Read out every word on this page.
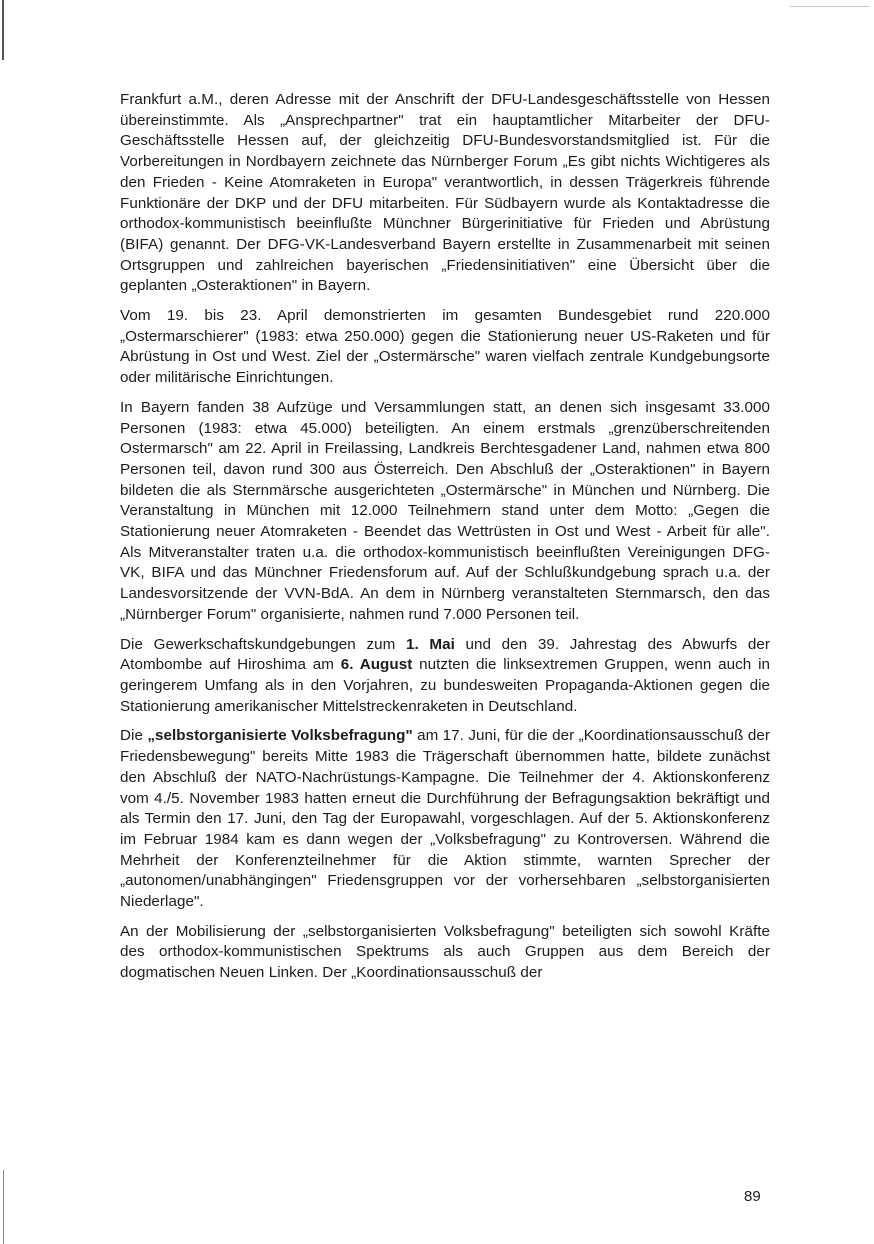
Frankfurt a.M., deren Adresse mit der Anschrift der DFU-Landesgeschäftsstelle von Hessen übereinstimmte. Als „Ansprechpartner" trat ein hauptamtlicher Mitarbeiter der DFU-Geschäftsstelle Hessen auf, der gleichzeitig DFU-Bundesvorstandsmitglied ist. Für die Vorbereitungen in Nordbayern zeichnete das Nürnberger Forum „Es gibt nichts Wichtigeres als den Frieden - Keine Atomraketen in Europa" verantwortlich, in dessen Trägerkreis führende Funktionäre der DKP und der DFU mitarbeiten. Für Südbayern wurde als Kontaktadresse die orthodox-kommunistisch beeinflußte Münchner Bürgerinitiative für Frieden und Abrüstung (BIFA) genannt. Der DFG-VK-Landesverband Bayern erstellte in Zusammenarbeit mit seinen Ortsgruppen und zahlreichen bayerischen „Friedensinitiativen" eine Übersicht über die geplanten „Osteraktionen" in Bayern.

Vom 19. bis 23. April demonstrierten im gesamten Bundesgebiet rund 220.000 „Ostermarschierer" (1983: etwa 250.000) gegen die Stationierung neuer US-Raketen und für Abrüstung in Ost und West. Ziel der „Ostermärsche" waren vielfach zentrale Kundgebungsorte oder militärische Einrichtungen.

In Bayern fanden 38 Aufzüge und Versammlungen statt, an denen sich insgesamt 33.000 Personen (1983: etwa 45.000) beteiligten. An einem erstmals „grenzüberschreitenden Ostermarsch" am 22. April in Freilassing, Landkreis Berchtesgadener Land, nahmen etwa 800 Personen teil, davon rund 300 aus Österreich. Den Abschluß der „Osteraktionen" in Bayern bildeten die als Sternmärsche ausgerichteten „Ostermärsche" in München und Nürnberg. Die Veranstaltung in München mit 12.000 Teilnehmern stand unter dem Motto: „Gegen die Stationierung neuer Atomraketen - Beendet das Wettrüsten in Ost und West - Arbeit für alle". Als Mitveranstalter traten u.a. die orthodox-kommunistisch beeinflußten Vereinigungen DFG-VK, BIFA und das Münchner Friedensforum auf. Auf der Schlußkundgebung sprach u.a. der Landesvorsitzende der VVN-BdA. An dem in Nürnberg veranstalteten Sternmarsch, den das „Nürnberger Forum" organisierte, nahmen rund 7.000 Personen teil.

Die Gewerkschaftskundgebungen zum 1. Mai und den 39. Jahrestag des Abwurfs der Atombombe auf Hiroshima am 6. August nutzten die linksextremen Gruppen, wenn auch in geringerem Umfang als in den Vorjahren, zu bundesweiten Propaganda-Aktionen gegen die Stationierung amerikanischer Mittelstreckenraketen in Deutschland.

Die „selbstorganisierte Volksbefragung" am 17. Juni, für die der „Koordinationsausschuß der Friedensbewegung" bereits Mitte 1983 die Trägerschaft übernommen hatte, bildete zunächst den Abschluß der NATO-Nachrüstungs-Kampagne. Die Teilnehmer der 4. Aktionskonferenz vom 4./5. November 1983 hatten erneut die Durchführung der Befragungsaktion bekräftigt und als Termin den 17. Juni, den Tag der Europawahl, vorgeschlagen. Auf der 5. Aktionskonferenz im Februar 1984 kam es dann wegen der „Volksbefragung" zu Kontroversen. Während die Mehrheit der Konferenzteilnehmer für die Aktion stimmte, warnten Sprecher der „autonomen/unabhängingen" Friedensgruppen vor der vorhersehbaren „selbstorganisierten Niederlage".

An der Mobilisierung der „selbstorganisierten Volksbefragung" beteiligten sich sowohl Kräfte des orthodox-kommunistischen Spektrums als auch Gruppen aus dem Bereich der dogmatischen Neuen Linken. Der „Koordinationsausschuß der

89
